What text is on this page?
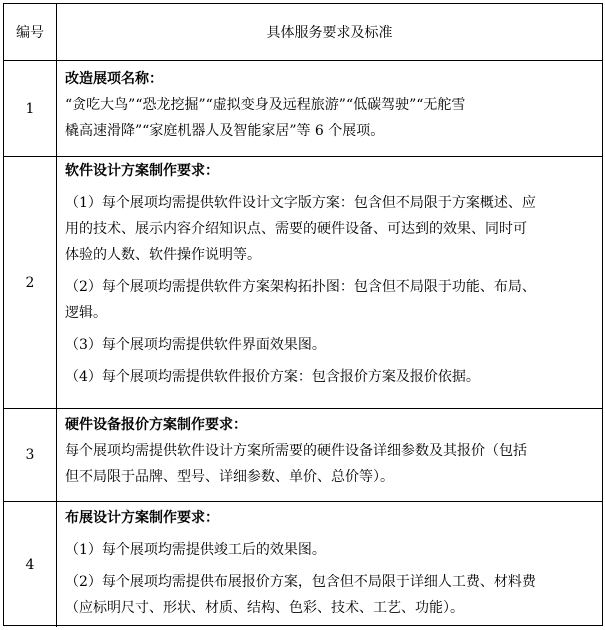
编号	具体服务要求及标准
1
改造展项名称：
“贪吃大鸟”“恐龙挖掘”“虚拟变身及远程旅游”“低碳驾驶”“无舵雪
橇高速滑降”“家庭机器人及智能家居”等 6 个展项。
2
软件设计方案制作要求：
（1）每个展项均需提供软件设计文字版方案：包含但不局限于方案概述、应
用的技术、展示内容介绍知识点、需要的硬件设备、可达到的效果、同时可
体验的人数、软件操作说明等。
（2）每个展项均需提供软件方案架构拓扑图：包含但不局限于功能、布局、
逻辑。
（3）每个展项均需提供软件界面效果图。
（4）每个展项均需提供软件报价方案：包含报价方案及报价依据。
3
硬件设备报价方案制作要求：
每个展项均需提供软件设计方案所需要的硬件设备详细参数及其报价（包括
但不局限于品牌、型号、详细参数、单价、总价等）。
4
布展设计方案制作要求：
（1）每个展项均需提供竣工后的效果图。
（2）每个展项均需提供布展报价方案，包含但不局限于详细人工费、材料费
（应标明尺寸、形状、材质、结构、色彩、技术、工艺、功能）。
